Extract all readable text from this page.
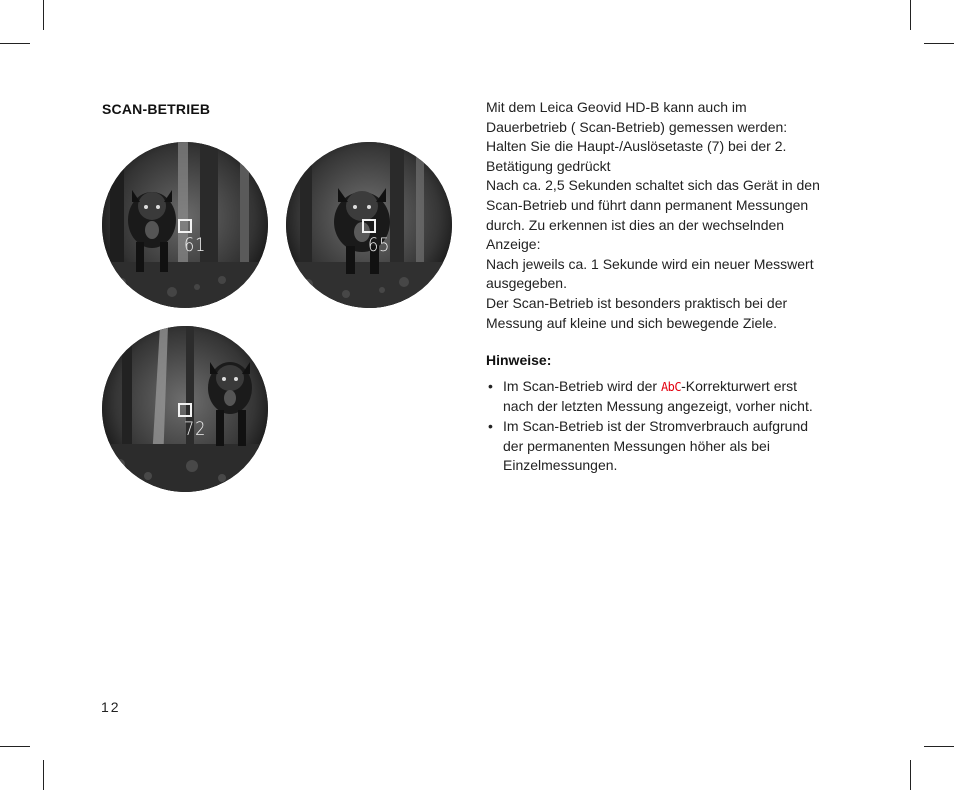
SCAN-BETRIEB
61	65
72

Mit dem Leica Geovid HD-B kann auch im

Dauerbetrieb ( Scan-Betrieb) gemessen werden:

Halten Sie die Haupt-/Auslösetaste (7) bei der 2.

Betätigung gedrückt

Nach ca. 2,5 Sekunden schaltet sich das Gerät in den

Scan-Betrieb und führt dann permanent Messungen

durch. Zu erkennen ist dies an der wechselnden

Anzeige:

Nach jeweils ca. 1 Sekunde wird ein neuer Messwert

ausgegeben.

Der Scan-Betrieb ist besonders praktisch bei der

Messung auf kleine und sich bewegende Ziele.

Hinweise:

• Im Scan-Betrieb wird der AbC-Korrekturwert erst
nach der letzten Messung angezeigt, vorher nicht.
• Im Scan-Betrieb ist der Stromverbrauch aufgrund
der permanenten Messungen höher als bei
Einzelmessungen.
12
